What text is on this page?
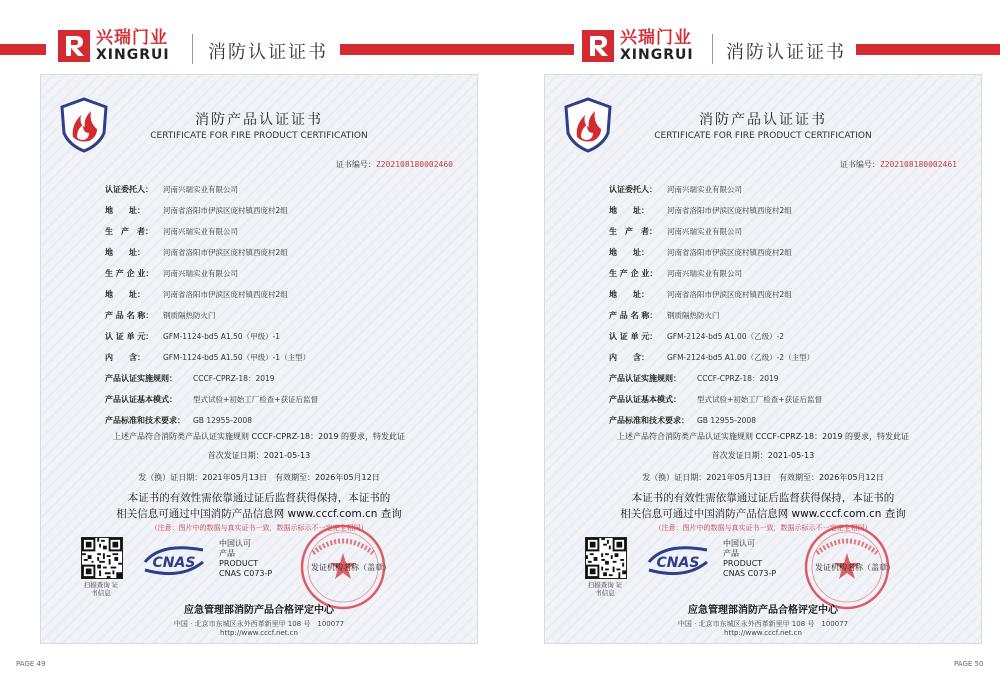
兴瑞门业
XINGRUI 消防认证证书
消防产品认证证书
CERTIFICATE FOR FIRE PRODUCT CERTIFICATION
证书编号：Z202108180002460
认证委托人：	河南兴瑞实业有限公司
地　　址：	河南省洛阳市伊滨区庞村镇西庞村2组
生　产　者：	河南兴瑞实业有限公司
地　　址：	河南省洛阳市伊滨区庞村镇西庞村2组
生 产 企 业：	河南兴瑞实业有限公司
地　　址：	河南省洛阳市伊滨区庞村镇西庞村2组
产 品 名 称：	钢质隔热防火门
认 证 单 元：	GFM-1124-bd5 A1.50（甲级）-1
内　　含：	GFM-1124-bd5 A1.50（甲级）-1（主型）
产品认证实施规则：	CCCF-CPRZ-18：2019
产品认证基本模式：	型式试验+初始工厂检查+获证后监督
产品标准和技术要求：	GB 12955-2008
上述产品符合消防类产品认证实施规则 CCCF-CPRZ-18：2019 的要求，特发此证
首次发证日期：2021-05-13
发（换）证日期：2021年05月13日　有效期至：2026年05月12日
本证书的有效性需依靠通过证后监督获得保持，本证书的
相关信息可通过中国消防产品信息网 www.cccf.com.cn 查询
（注意：图片中的数据与真实证书一致，数据示标示不一定完全相同）
扫描查询 证书信息
CNAS
中国认可
产品
PRODUCT
CNAS C073-P
发证机构名称（盖章）
应急管理部消防产品合格评定中心
中国 · 北京市东城区永外西革新里甲 108 号　100077
http://www.cccf.net.cn
PAGE 49
兴瑞门业
XINGRUI 消防认证证书
消防产品认证证书
CERTIFICATE FOR FIRE PRODUCT CERTIFICATION
证书编号：Z202108180002461
认证委托人：	河南兴瑞实业有限公司
地　　址：	河南省洛阳市伊滨区庞村镇西庞村2组
生　产　者：	河南兴瑞实业有限公司
地　　址：	河南省洛阳市伊滨区庞村镇西庞村2组
生 产 企 业：	河南兴瑞实业有限公司
地　　址：	河南省洛阳市伊滨区庞村镇西庞村2组
产 品 名 称：	钢质隔热防火门
认 证 单 元：	GFM-2124-bd5 A1.00（乙级）-2
内　　含：	GFM-2124-bd5 A1.00（乙级）-2（主型）
产品认证实施规则：	CCCF-CPRZ-18：2019
产品认证基本模式：	型式试验+初始工厂检查+获证后监督
产品标准和技术要求：	GB 12955-2008
上述产品符合消防类产品认证实施规则 CCCF-CPRZ-18：2019 的要求，特发此证
首次发证日期：2021-05-13
发（换）证日期：2021年05月13日　有效期至：2026年05月12日
本证书的有效性需依靠通过证后监督获得保持，本证书的
相关信息可通过中国消防产品信息网 www.cccf.com.cn 查询
（注意：图片中的数据与真实证书一致，数据示标示不一定完全相同）
扫描查询 证书信息
CNAS
中国认可
产品
PRODUCT
CNAS C073-P
发证机构名称（盖章）
应急管理部消防产品合格评定中心
中国 · 北京市东城区永外西革新里甲 108 号　100077
http://www.cccf.net.cn
PAGE 50
